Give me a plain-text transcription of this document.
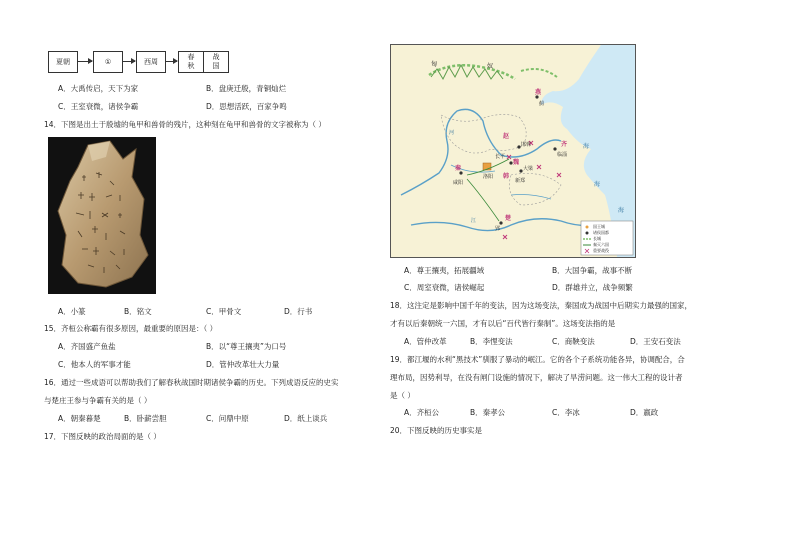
夏朝	①	西周
春秋
战国
A．大禹传启，天下为家	B．盘庚迁殷，青铜灿烂
C．王室衰微，诸侯争霸	D．思想活跃，百家争鸣
14．下图是出土于殷墟的龟甲和兽骨的残片，这种刻在龟甲和兽骨的文字被称为（ ）
A．小篆	B．铭文	C．甲骨文	D．行书
15．齐桓公称霸有很多原因，最重要的原因是：（ ）
A．齐国盛产鱼盐	B．以“尊王攘夷”为口号
C．他本人的军事才能	D．管仲改革壮大力量
16．通过一些成语可以帮助我们了解春秋战国时期诸侯争霸的历史。下列成语反应的史实
与楚庄王参与争霸有关的是（ ）
A．朝秦暮楚	B．卧薪尝胆	C．问鼎中原	D．纸上谈兵
17．下图反映的政治局面的是（ ）
匈	奴
燕
蓟
赵
邯郸
长平
齐
临淄
魏
大梁
秦
咸阳
洛阳 韩
新郑
楚
郢
河
江
海
海
海
国王城
诸侯国都
长城
秦灭六国
重要战役
A．尊王攘夷，拓展疆域	B．大国争霸，战事不断
C．周室衰微，诸侯崛起	D．群雄并立，战争频繁
18．这注定是影响中国千年的变法，因为这场变法，秦国成为战国中后期实力最强的国家，
才有以后秦朝统一六国，才有以后“百代皆行秦制”。这场变法指的是
A．管仲改革	B．李悝变法	C．商鞅变法	D．王安石变法
19．都江堰的水利“黑技术”驯服了暴动的岷江。它的各个子系统功能各异，协调配合，合
理布局，因势利导，在没有闸门设施的情况下，解决了旱涝问题。这一伟大工程的设计者
是（ ）
A．齐桓公	B．秦孝公	C．李冰	D．嬴政
20．下图反映的历史事实是
